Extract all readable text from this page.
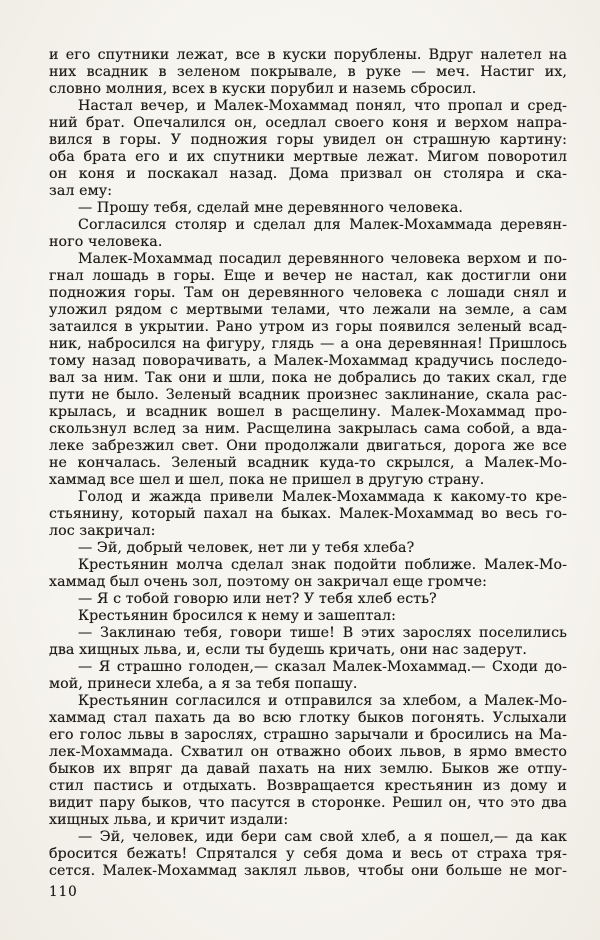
и его спутники лежат, все в куски порублены. Вдруг налетел на
них всадник в зеленом покрывале, в руке — меч. Настиг их,
словно молния, всех в куски порубил и наземь сбросил.

Настал вечер, и Малек-Мохаммад понял, что пропал и сред-
ний брат. Опечалился он, оседлал своего коня и верхом напра-
вился в горы. У подножия горы увидел он страшную картину:
оба брата его и их спутники мертвые лежат. Мигом поворотил
он коня и поскакал назад. Дома призвал он столяра и ска-
зал ему:

— Прошу тебя, сделай мне деревянного человека.

Согласился столяр и сделал для Малек-Мохаммада деревян-
ного человека.

Малек-Мохаммад посадил деревянного человека верхом и по-
гнал лошадь в горы. Еще и вечер не настал, как достигли они
подножия горы. Там он деревянного человека с лошади снял и
уложил рядом с мертвыми телами, что лежали на земле, а сам
затаился в укрытии. Рано утром из горы появился зеленый всад-
ник, набросился на фигуру, глядь — а она деревянная! Пришлось
тому назад поворачивать, а Малек-Мохаммад крадучись последо-
вал за ним. Так они и шли, пока не добрались до таких скал, где
пути не было. Зеленый всадник произнес заклинание, скала рас-
крылась, и всадник вошел в расщелину. Малек-Мохаммад про-
скользнул вслед за ним. Расщелина закрылась сама собой, а вда-
леке забрезжил свет. Они продолжали двигаться, дорога же все
не кончалась. Зеленый всадник куда-то скрылся, а Малек-Мо-
хаммад все шел и шел, пока не пришел в другую страну.

Голод и жажда привели Малек-Мохаммада к какому-то кре-
стьянину, который пахал на быках. Малек-Мохаммад во весь го-
лос закричал:

— Эй, добрый человек, нет ли у тебя хлеба?

Крестьянин молча сделал знак подойти поближе. Малек-Мо-
хаммад был очень зол, поэтому он закричал еще громче:

— Я с тобой говорю или нет? У тебя хлеб есть?

Крестьянин бросился к нему и зашептал:

— Заклинаю тебя, говори тише! В этих зарослях поселились
два хищных льва, и, если ты будешь кричать, они нас задерут.

— Я страшно голоден,— сказал Малек-Мохаммад.— Сходи до-
мой, принеси хлеба, а я за тебя попашу.

Крестьянин согласился и отправился за хлебом, а Малек-Мо-
хаммад стал пахать да во всю глотку быков погонять. Услыхали
его голос львы в зарослях, страшно зарычали и бросились на Ма-
лек-Мохаммада. Схватил он отважно обоих львов, в ярмо вместо
быков их впряг да давай пахать на них землю. Быков же отпу-
стил пастись и отдыхать. Возвращается крестьянин из дому и
видит пару быков, что пасутся в сторонке. Решил он, что это два
хищных льва, и кричит издали:

— Эй, человек, иди бери сам свой хлеб, а я пошел,— да как
бросится бежать! Спрятался у себя дома и весь от страха тря-
сется. Малек-Мохаммад заклял львов, чтобы они больше не мог-

110
